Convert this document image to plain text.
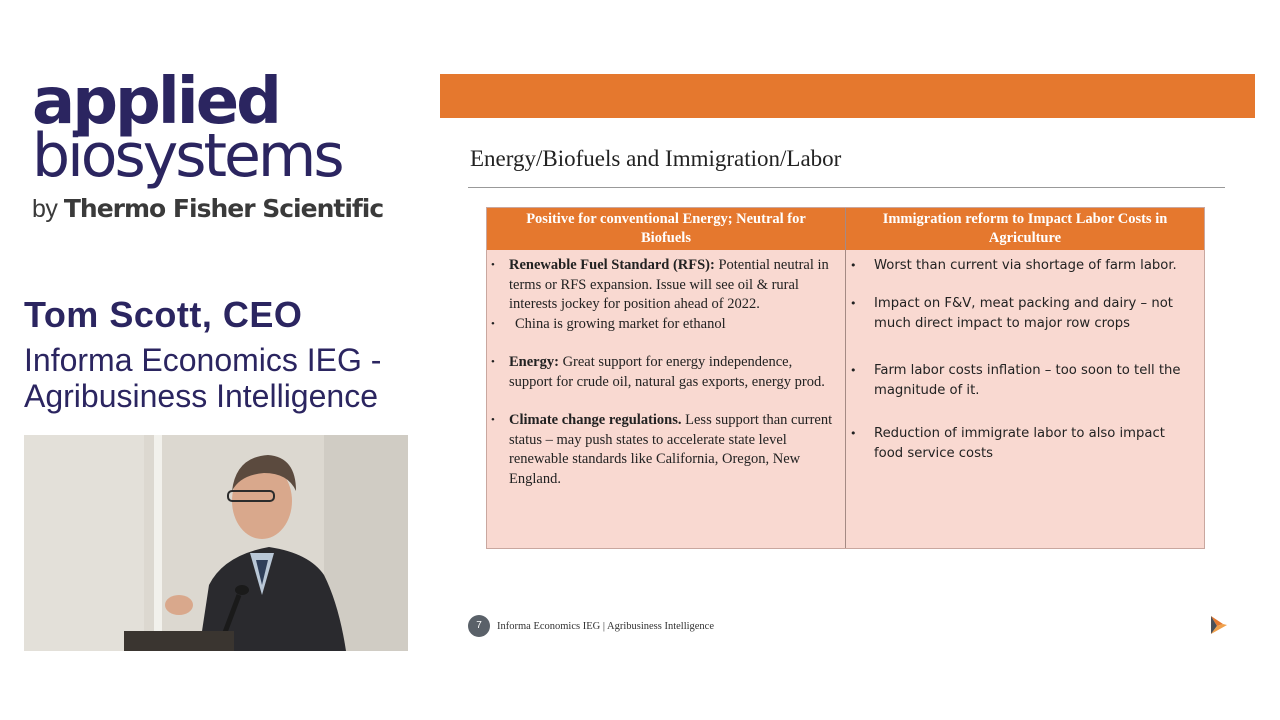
applied
biosystems
by Thermo Fisher Scientific
Tom Scott, CEO
Informa Economics IEG -
Agribusiness Intelligence
Energy/Biofuels and Immigration/Labor
Positive for conventional Energy; Neutral for Biofuels
Immigration reform to Impact Labor Costs in Agriculture
• Renewable Fuel Standard (RFS): Potential neutral in terms or RFS expansion. Issue will see oil & rural interests jockey for position ahead of 2022.
• China is growing market for ethanol
• Energy: Great support for energy independence, support for crude oil, natural gas exports, energy prod.
• Climate change regulations. Less support than current status – may push states to accelerate state level renewable standards like California, Oregon, New England.
• Worst than current via shortage of farm labor.
• Impact on F&V, meat packing and dairy – not much direct impact to major row crops
• Farm labor costs inflation – too soon to tell the magnitude of it.
• Reduction of immigrate labor to also impact food service costs
7	Informa Economics IEG | Agribusiness Intelligence
